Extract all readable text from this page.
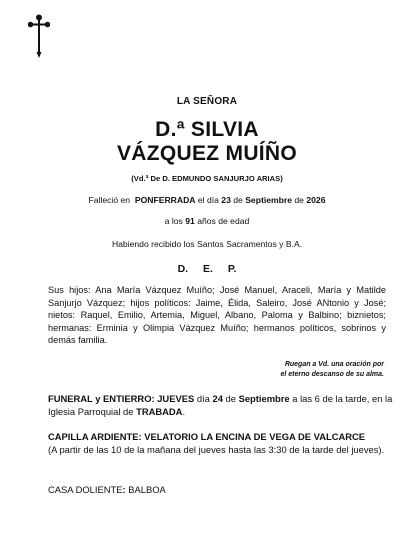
LA SEÑORA
D.ª SILVIA
VÁZQUEZ MUÍÑO
(Vd.ª De D. EDMUNDO SANJURJO ARIAS)
Falleció en PONFERRADA el día 23 de Septiembre de 2026
a los 91 años de edad
Habiendo recibido los Santos Sacramentos y B.A.
D. E. P.
Sus hijos: Ana María Vázquez Muíño; José Manuel, Araceli, María y Matilde Sanjurjo Vázquez; hijos políticos: Jaime, Élida, Saleiro, José ANtonio y José; nietos: Raquel, Emilio, Artemia, Miguel, Albano, Paloma y Balbino; biznietos; hermanas: Erminia y Olimpia Vázquez Muíño; hermanos políticos, sobrinos y demás familia.
Ruegan a Vd. una oración por
el eterno descanso de su alma.
FUNERAL y ENTIERRO: JUEVES día 24 de Septiembre a las 6 de la tarde, en la Iglesia Parroquial de TRABADA.
CAPILLA ARDIENTE: VELATORIO LA ENCINA DE VEGA DE VALCARCE
(A partir de las 10 de la mañana del jueves hasta las 3:30 de la tarde del jueves).
CASA DOLIENTE: BALBOA
